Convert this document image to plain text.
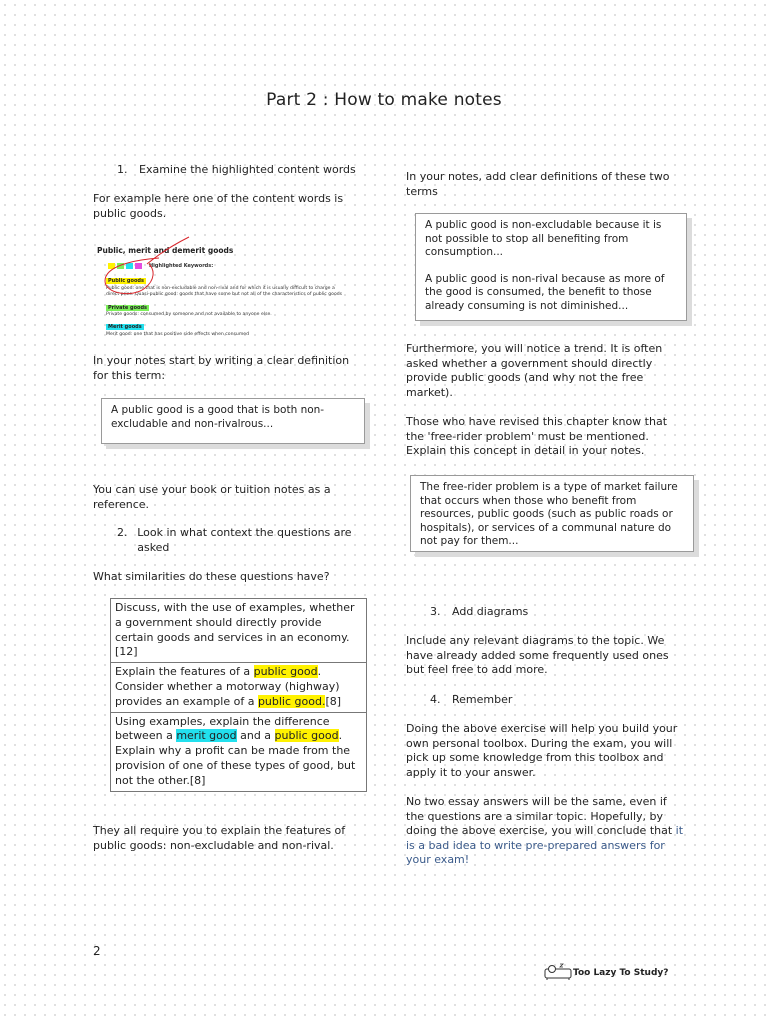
Part 2 : How to make notes
1. Examine the highlighted content words
For example here one of the content words is public goods.
Public, merit and demerit goods
Highlighted Keywords:
Public goods
Public good: one that is non-excludable and non-rival and for which it is usually difficult to charge a
direct price. Quasi-public good: goods that have some but not all of the characteristics of public goods
Private goods
Private goods: consumed by someone and not available to anyone else.
Merit goods
Merit good: one that has positive side effects when consumed
In your notes start by writing a clear definition for this term:
A public good is a good that is both non-excludable and non-rivalrous...
You can use your book or tuition notes as a reference.
2. Look in what context the questions are asked
What similarities do these questions have?
Discuss, with the use of examples, whether a government should directly provide certain goods and services in an economy.[12]
Explain the features of a public good. Consider whether a motorway (highway) provides an example of a public good.[8]
Using examples, explain the difference between a merit good and a public good. Explain why a profit can be made from the provision of one of these types of good, but not the other.[8]
They all require you to explain the features of public goods: non-excludable and non-rival.
In your notes, add clear definitions of these two terms
A public good is non-excludable because it is not possible to stop all benefiting from consumption...
A public good is non-rival because as more of the good is consumed, the benefit to those already consuming is not diminished...
Furthermore, you will notice a trend. It is often asked whether a government should directly provide public goods (and why not the free market).
Those who have revised this chapter know that the 'free-rider problem' must be mentioned. Explain this concept in detail in your notes.
The free-rider problem is a type of market failure that occurs when those who benefit from resources, public goods (such as public roads or hospitals), or services of a communal nature do not pay for them...
3. Add diagrams
Include any relevant diagrams to the topic. We have already added some frequently used ones but feel free to add more.
4. Remember
Doing the above exercise will help you build your own personal toolbox. During the exam, you will pick up some knowledge from this toolbox and apply it to your answer.
No two essay answers will be the same, even if the questions are a similar topic. Hopefully, by doing the above exercise, you will conclude that it is a bad idea to write pre-prepared answers for your exam!
2
Too Lazy To Study?
